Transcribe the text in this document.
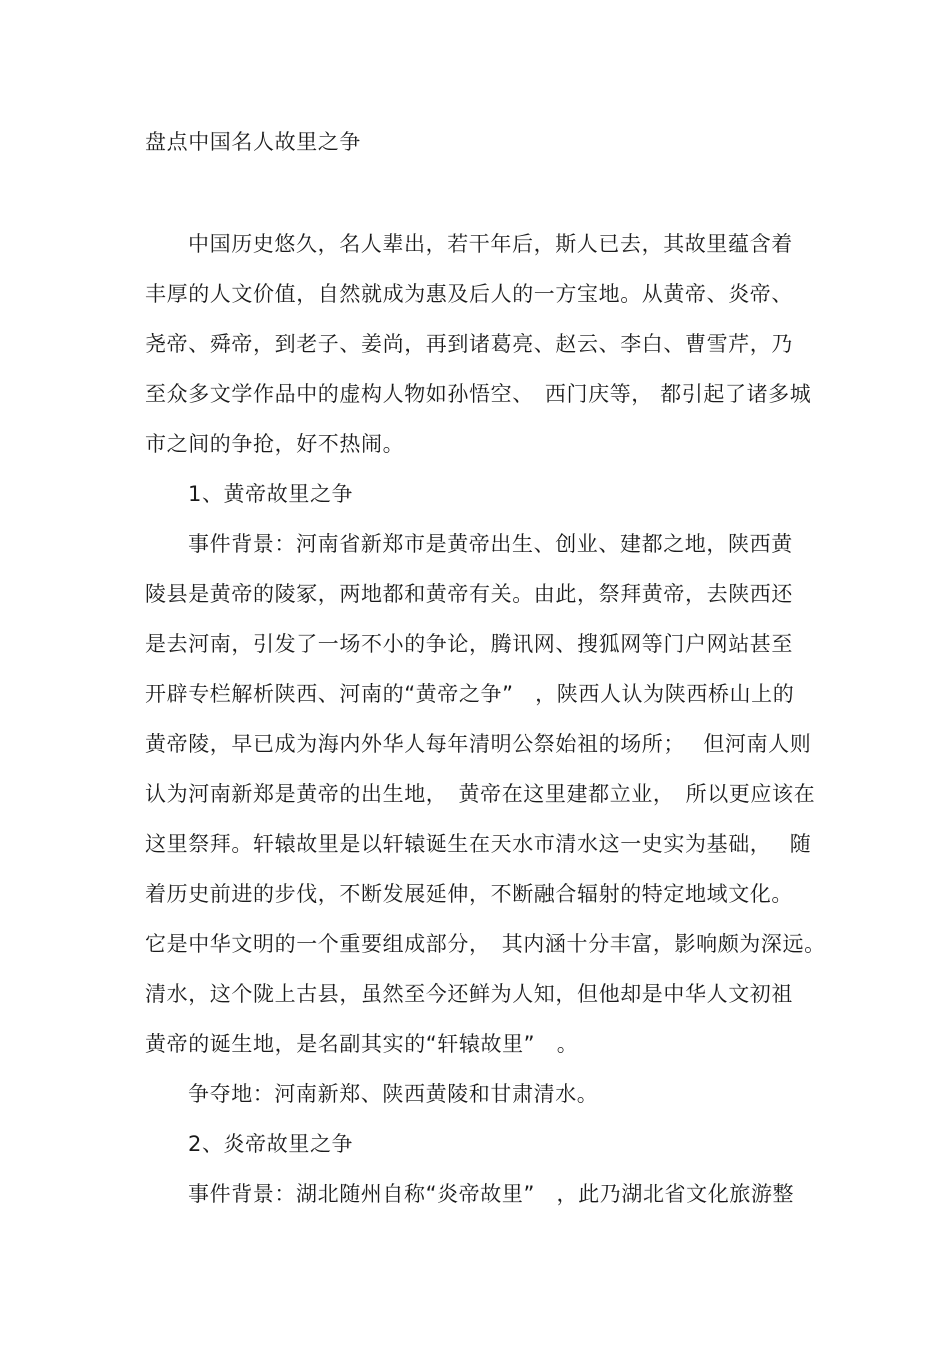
盘点中国名人故里之争
中国历史悠久，名人辈出，若干年后，斯人已去，其故里蕴含着
丰厚的人文价值，自然就成为惠及后人的一方宝地。从黄帝、炎帝、
尧帝、舜帝，到老子、姜尚，再到诸葛亮、赵云、李白、曹雪芹，乃
至众多文学作品中的虚构人物如孙悟空、　西门庆等， 都引起了诸多城
市之间的争抢，好不热闹。
1、黄帝故里之争
事件背景：河南省新郑市是黄帝出生、创业、建都之地，陕西黄
陵县是黄帝的陵冢，两地都和黄帝有关。由此，祭拜黄帝，去陕西还
是去河南，引发了一场不小的争论，腾讯网、搜狐网等门户网站甚至
开辟专栏解析陕西、河南的“黄帝之争”　，陕西人认为陕西桥山上的
黄帝陵，早已成为海内外华人每年清明公祭始祖的场所；　 但河南人则
认为河南新郑是黄帝的出生地，　黄帝在这里建都立业，　所以更应该在
这里祭拜。轩辕故里是以轩辕诞生在天水市清水这一史实为基础，　 随
着历史前进的步伐，不断发展延伸，不断融合辐射的特定地域文化。
它是中华文明的一个重要组成部分，　其内涵十分丰富，影响颇为深远。
清水，这个陇上古县，虽然至今还鲜为人知，但他却是中华人文初祖
黄帝的诞生地，是名副其实的“轩辕故里”　。
争夺地：河南新郑、陕西黄陵和甘肃清水。
2、炎帝故里之争
事件背景：湖北随州自称“炎帝故里”　，此乃湖北省文化旅游整
